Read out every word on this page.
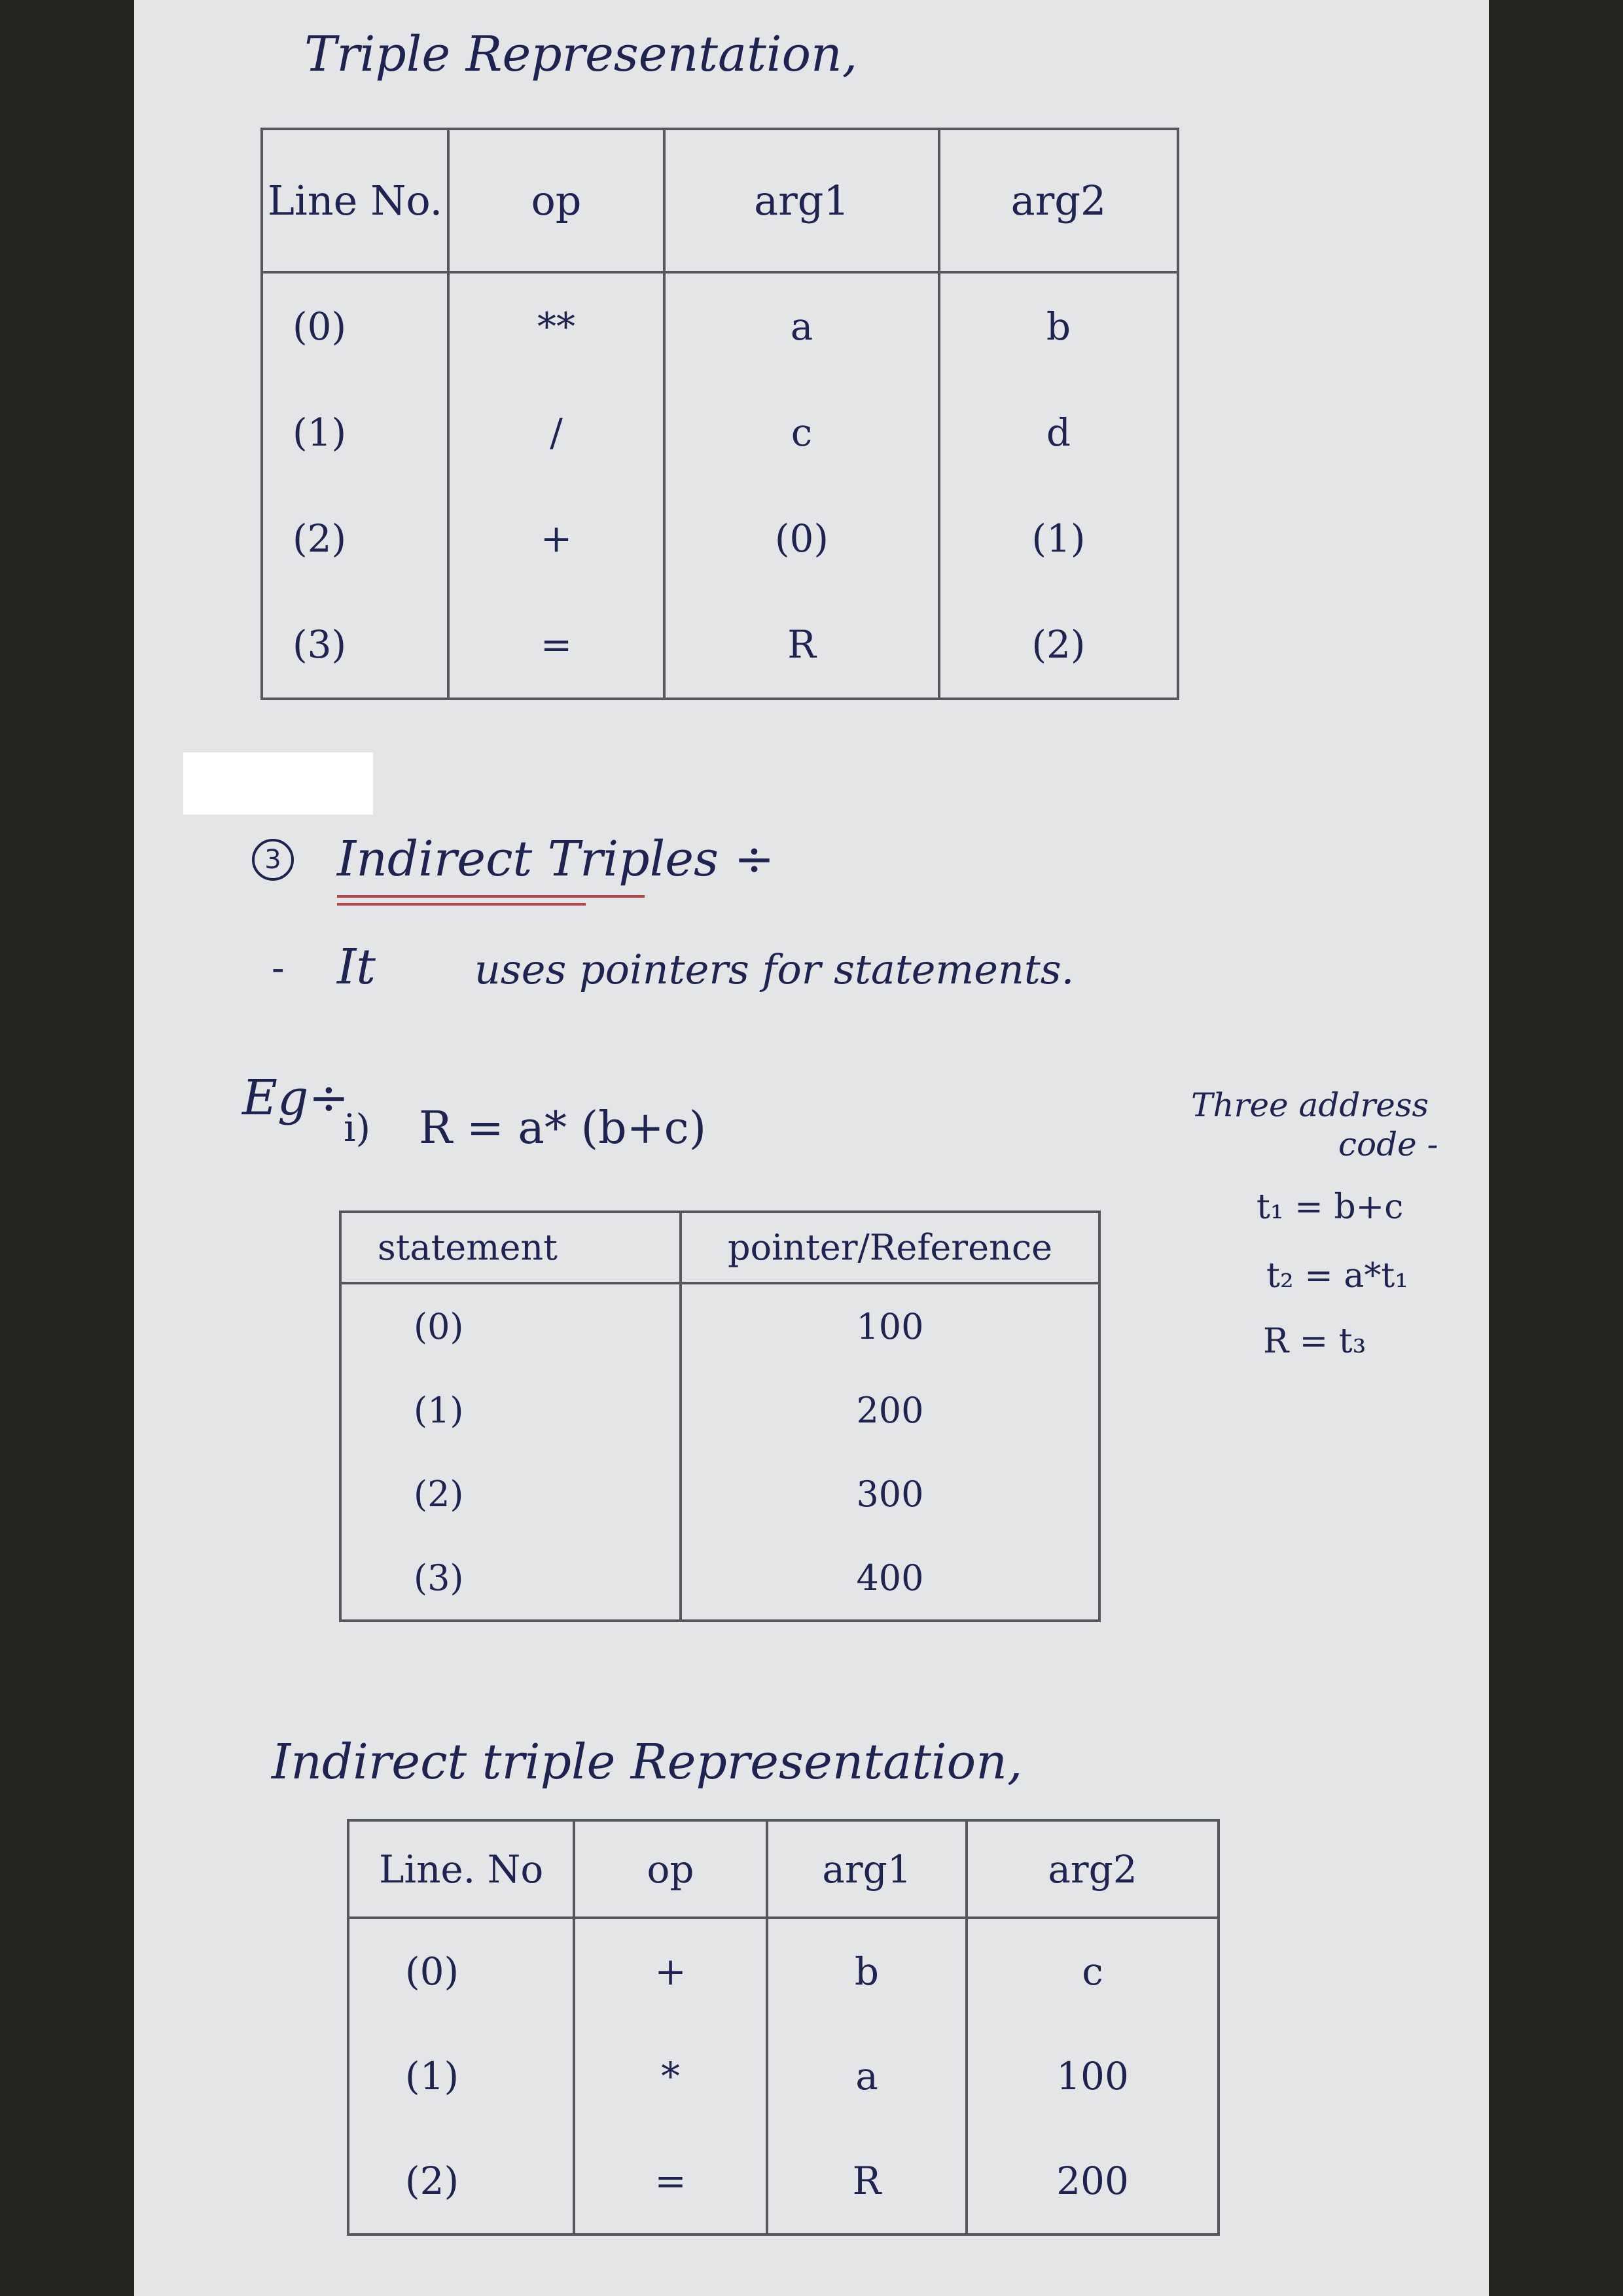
Triple Representation,
Line No.	op	arg1	arg2
(0)	**	a	b
(1)	/	c	d
(2)	+	(0)	(1)
(3)	=	R	(2)
3 Indirect Triples ÷
- It uses pointers for statements.
Eg÷
i) R = a* (b+c)	Three address
code -
t₁ = b+c
t₂ = a*t₁
R = t₃
statement	pointer/Reference
(0)	100
(1)	200
(2)	300
(3)	400
Indirect triple Representation,
Line. No	op	arg1	arg2
(0)	+	b	c
(1)	*	a	100
(2)	=	R	200
